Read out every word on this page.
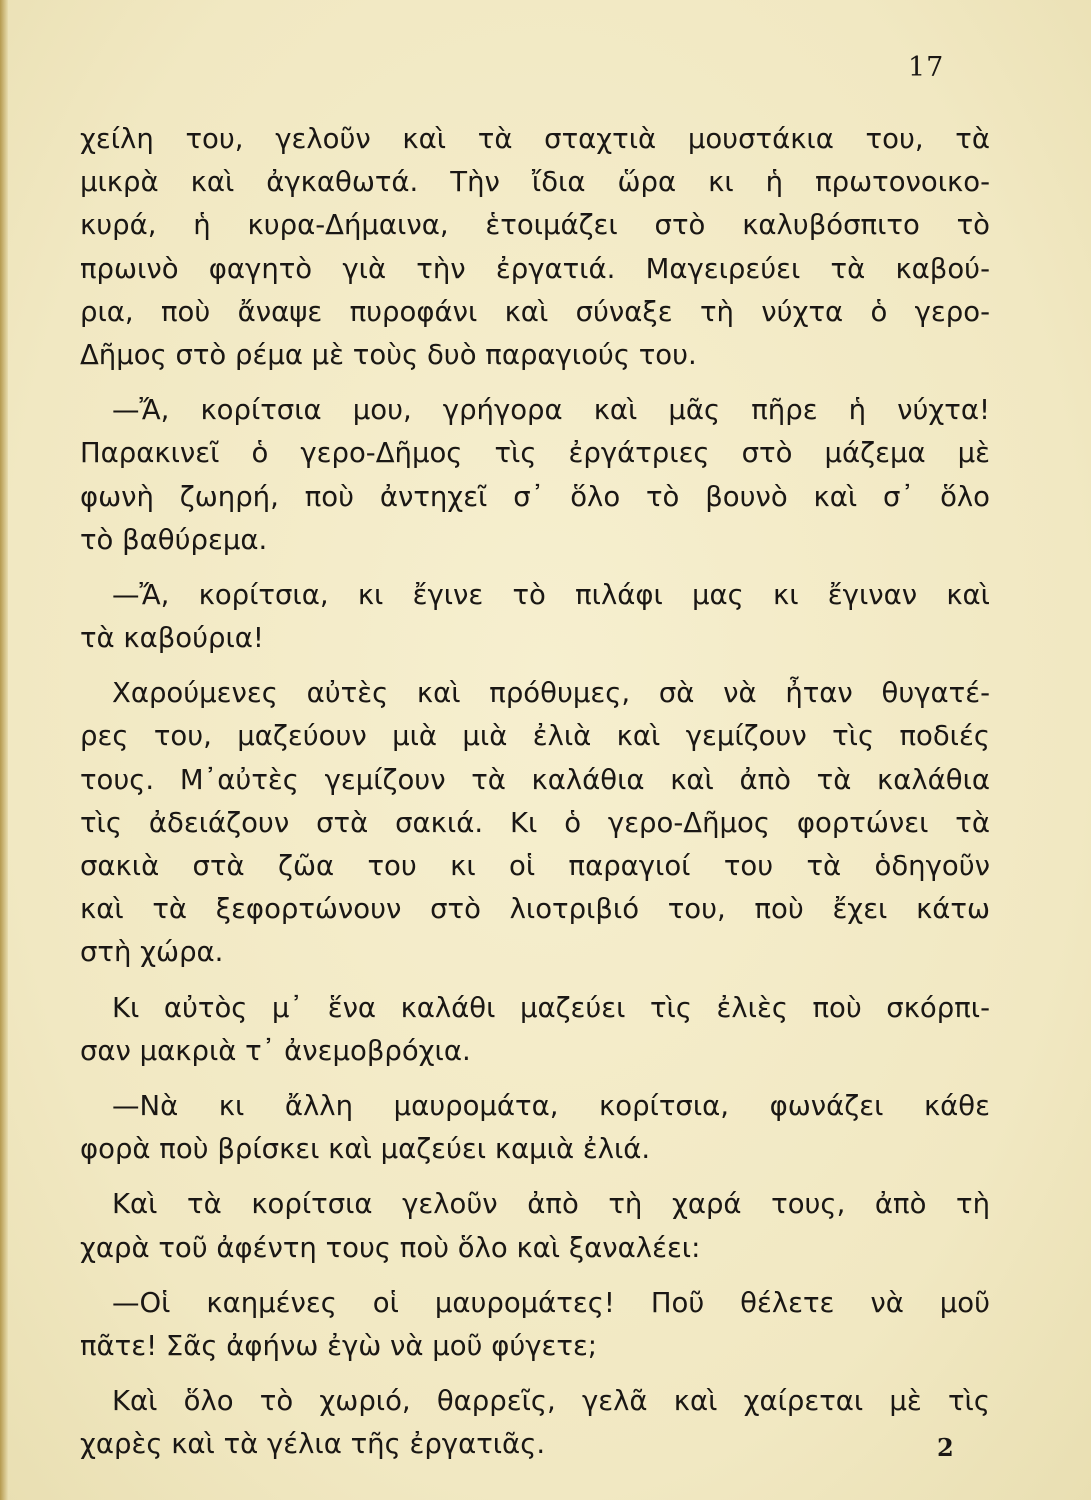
17
χείλη του, γελοῦν καὶ τὰ σταχτιὰ μουστάκια του, τὰ
μικρὰ καὶ ἀγκαθωτά. Τὴν ἴδια ὥρα κι ἡ πρωτονοικο-
κυρά, ἡ κυρα-Δήμαινα, ἑτοιμάζει στὸ καλυβόσπιτο τὸ
πρωινὸ φαγητὸ γιὰ τὴν ἐργατιά. Μαγειρεύει τὰ καβού-
ρια, ποὺ ἄναψε πυροφάνι καὶ σύναξε τὴ νύχτα ὁ γερο-
Δῆμος στὸ ρέμα μὲ τοὺς δυὸ παραγιούς του.
—Ἄ, κορίτσια μου, γρήγορα καὶ μᾶς πῆρε ἡ νύχτα!
Παρακινεῖ ὁ γερο-Δῆμος τὶς ἐργάτριες στὸ μάζεμα μὲ
φωνὴ ζωηρή, ποὺ ἀντηχεῖ σ᾿ ὅλο τὸ βουνὸ καὶ σ᾿ ὅλο
τὸ βαθύρεμα.
—Ἄ, κορίτσια, κι ἔγινε τὸ πιλάφι μας κι ἔγιναν καὶ
τὰ καβούρια!
Χαρούμενες αὐτὲς καὶ πρόθυμες, σὰ νὰ ἦταν θυγατέ-
ρες του, μαζεύουν μιὰ μιὰ ἐλιὰ καὶ γεμίζουν τὶς ποδιές
τους. Μ᾿αὐτὲς γεμίζουν τὰ καλάθια καὶ ἀπὸ τὰ καλάθια
τὶς ἀδειάζουν στὰ σακιά. Κι ὁ γερο-Δῆμος φορτώνει τὰ
σακιὰ στὰ ζῶα του κι οἱ παραγιοί του τὰ ὁδηγοῦν
καὶ τὰ ξεφορτώνουν στὸ λιοτριβιό του, ποὺ ἔχει κάτω
στὴ χώρα.
Κι αὐτὸς μ᾿ ἕνα καλάθι μαζεύει τὶς ἐλιὲς ποὺ σκόρπι-
σαν μακριὰ τ᾿ ἀνεμοβρόχια.
—Νὰ κι ἄλλη μαυρομάτα, κορίτσια, φωνάζει κάθε
φορὰ ποὺ βρίσκει καὶ μαζεύει καμιὰ ἐλιά.
Καὶ τὰ κορίτσια γελοῦν ἀπὸ τὴ χαρά τους, ἀπὸ τὴ
χαρὰ τοῦ ἀφέντη τους ποὺ ὅλο καὶ ξαναλέει:
—Οἱ καημένες οἱ μαυρομάτες! Ποῦ θέλετε νὰ μοῦ
πᾶτε! Σᾶς ἀφήνω ἐγὼ νὰ μοῦ φύγετε;
Καὶ ὅλο τὸ χωριό, θαρρεῖς, γελᾶ καὶ χαίρεται μὲ τὶς
χαρὲς καὶ τὰ γέλια τῆς ἐργατιᾶς.	2
